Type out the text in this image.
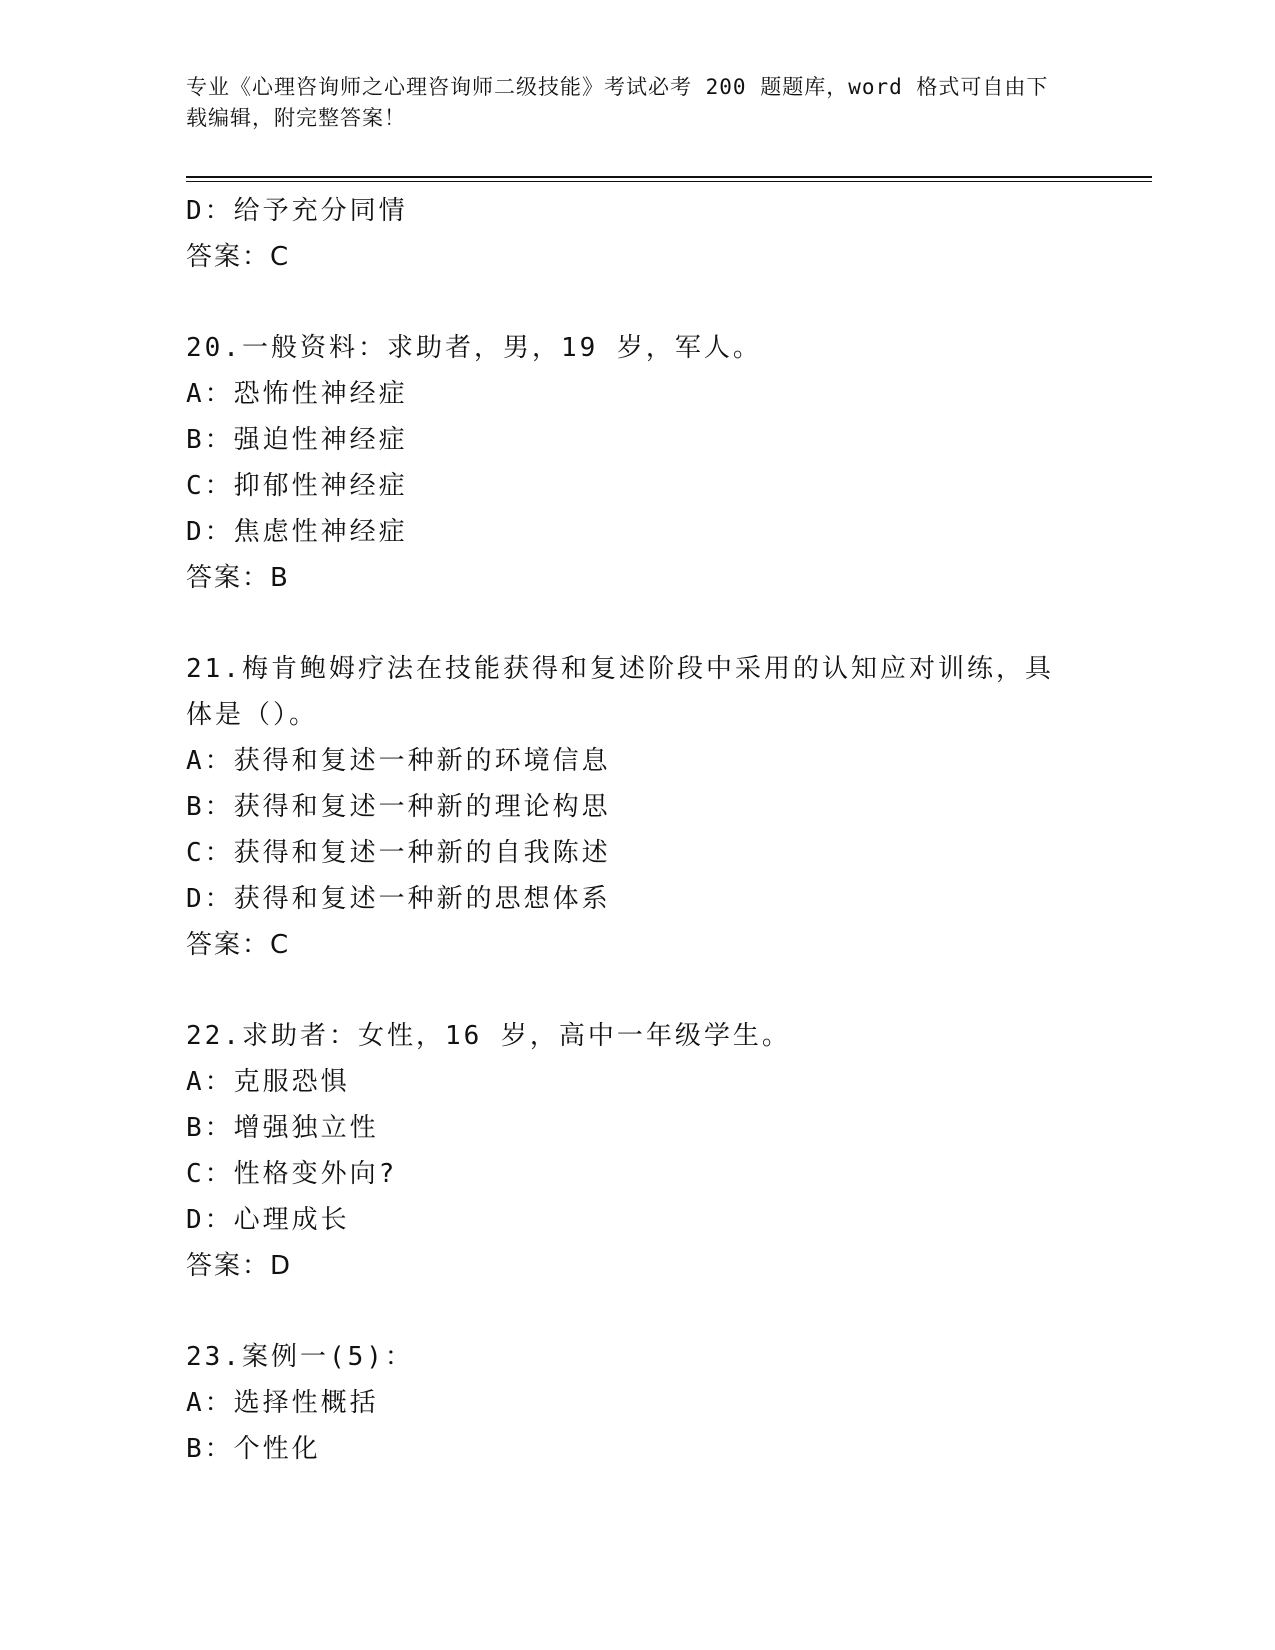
专业《心理咨询师之心理咨询师二级技能》考试必考 200 题题库，word 格式可自由下载编辑，附完整答案！
D：给予充分同情
答案：C
20.一般资料：求助者，男，19 岁，军人。
A：恐怖性神经症
B：强迫性神经症
C：抑郁性神经症
D：焦虑性神经症
答案：B
21.梅肯鲍姆疗法在技能获得和复述阶段中采用的认知应对训练，具体是（）。
A：获得和复述一种新的环境信息
B：获得和复述一种新的理论构思
C：获得和复述一种新的自我陈述
D：获得和复述一种新的思想体系
答案：C
22.求助者：女性，16 岁，高中一年级学生。
A：克服恐惧
B：增强独立性
C：性格变外向?
D：心理成长
答案：D
23.案例一(5)：
A：选择性概括
B：个性化
